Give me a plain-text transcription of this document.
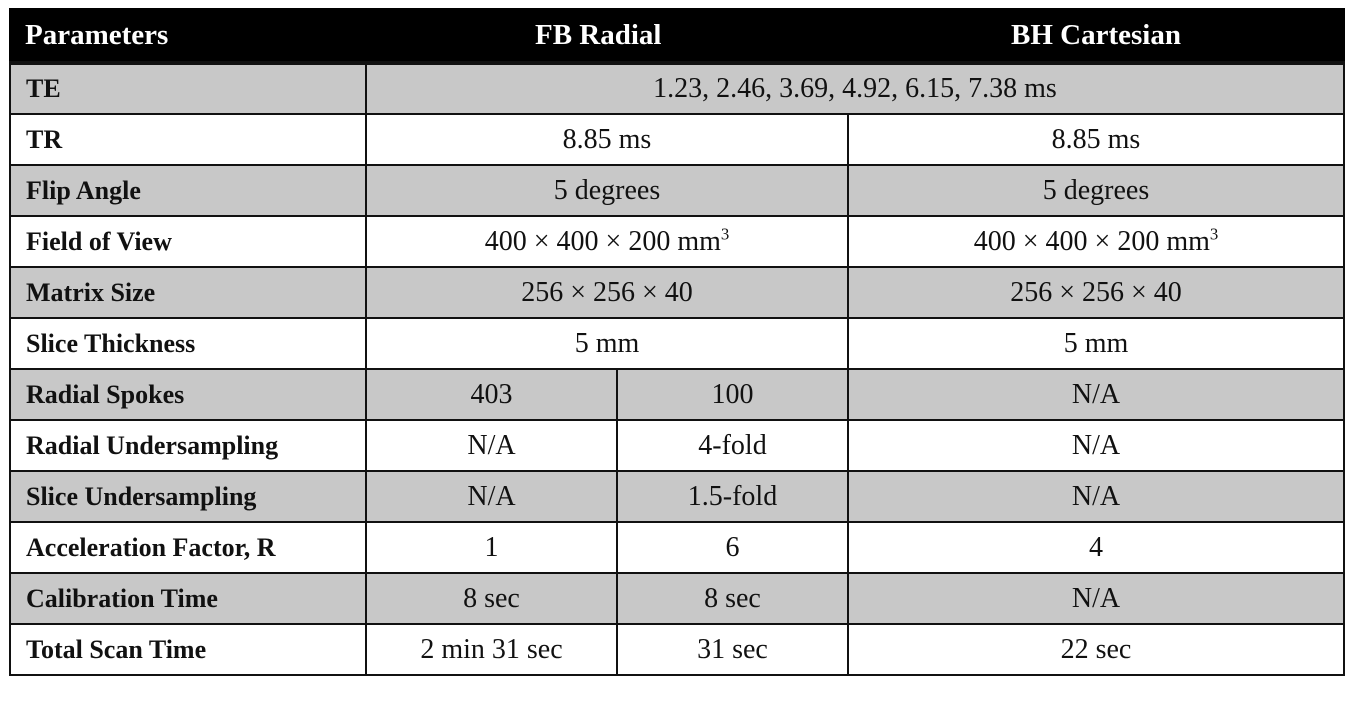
Parameters	FB Radial		BH Cartesian
TE	1.23, 2.46, 3.69, 4.92, 6.15, 7.38 ms		
TR	8.85 ms		8.85 ms
Flip Angle	5 degrees		5 degrees
Field of View	400 × 400 × 200 $mm^3$		400 × 400 × 200 $mm^3$
Matrix Size	256 × 256 × 40		256 × 256 × 40
Slice Thickness	5 mm		5 mm
Radial Spokes	403	100	N/A
Radial Undersampling	N/A	4-fold	N/A
Slice Undersampling	N/A	1.5-fold	N/A
Acceleration Factor, R	1	6	4
Calibration Time	8 sec	8 sec	N/A
Total Scan Time	2 min 31 sec	31 sec	22 sec
